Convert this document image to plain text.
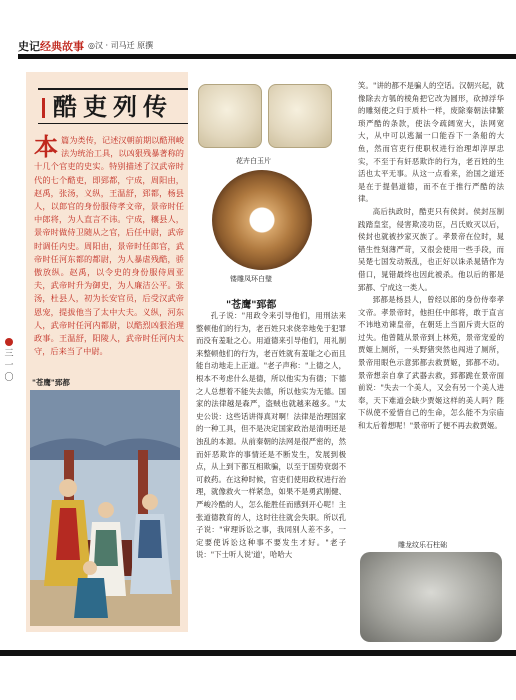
史记经典故事 ◎汉 · 司马迁 原撰
三一〇
酷吏列传
本篇为类传，记述汉朝前期以酷刑峻法为统治工具，以凶狠残暴著称的十几个官吏的史实。特别描述了汉武帝时代的七个酷吏，即郅都，宁成，周阳由，赵禹，张汤，义纵，王温舒，郅都，杨县人，以郎官的身份服侍孝文帝，景帝时任中郎将，为人直言不讳。宁成，穰县人，景帝时做侍卫随从之官，后任中尉，武帝时调任内史。周阳由，景帝时任郎官，武帝时任河东都的都尉，为人暴虐残酷，骄傲放纵。赵禹，以令史的身份服侍周亚夫，武帝时升为御史，为人廉洁公平。张汤，杜县人，初为长安官员，后受汉武帝恩宠，提拔他当了太中大夫。义纵，河东人，武帝时任河内都尉，以酷烈凶狠治理政事。王温舒，阳陵人，武帝时任河内太守，后来当了中尉。
"苍鹰"郅都
花卉白玉片
镂雕凤环白璧
"苍鹰"郅都
孔子说："用政令来引导他们，用刑法来整顿他们的行为，老百姓只求侥幸地免于犯罪而没有羞耻之心。用道德来引导他们，用礼制来整顿他们的行为，老百姓就有羞耻之心而且能自动地走上正道。"老子声称："上德之人，根本不考虑什么是德，所以他实为有德；下德之人总想着不能失去德，所以他实为无德。国家的法律越是森严，盗贼也就越来越多。"太史公说：这些话讲得真对啊！法律是治理国家的一种工具，但不是决定国家政治是清明还是浊乱的本源。从前秦朝的法网是很严密的，然而奸恶欺诈的事情还是不断发生，发展到极点，从上到下都互相欺骗，以至于国势衰弱不可救药。在这种时候，官吏们使用政权进行治理，就像救火一样紧急，如果不是勇武刚健、严峻冷酷的人，怎么能胜任而感到开心呢！主张道德教育的人，这时往往就会失职。所以孔子说："审理诉讼之事，我同别人差不多，一定要使诉讼这种事不要发生才好。"老子说："下士听人说'道'，哈哈大

笑。"讲的都不是骗人的空话。汉朝兴起，就像除去方瓠的棱角把它改为圆形，砍掉浮华的雕刻使之归于质朴一样，废除秦朝法律繁琐严酷的条款，使法令疏阔宽大，法网宽大，从中可以逃漏一口能吞下一条船的大鱼，然而官吏行使职权进行治理却淳厚忠实，不至于有奸恶欺诈的行为，老百姓的生活也太平无事。从这一点看来，治国之道还是在于提倡道德，而不在于推行严酷的法律。

高后执政时，酷吏只有侯封。侯封压制践踏皇室，侵害欺凌功臣，吕氏败灭以后，侯封也就被抄家灭族了。孝景帝在位时，晁错生性刻薄严苛，又很会使用一些手段，而吴楚七国发动叛乱，也正好以诛杀晁错作为借口，晁错最终也因此被杀。他以后的都是郅都、宁成这一类人。

郅都是杨县人，曾经以郎的身份侍奉孝文帝。孝景帝时，他担任中郎将，敢于直言不讳地劝谏皇帝，在朝廷上当面斥责大臣的过失。他曾随从景帝到上林苑，景帝宠爱的贾姬上厕所，一头野猪突然也闯进了厕所，景帝用眼色示意郅都去救贾姬，郅都不动。景帝想亲自拿了武器去救，郅都跪在景帝面前说："失去一个美人，又会有另一个美人进奉，天下难道会缺少贾姬这样的美人吗？陛下纵使不爱惜自己的生命，怎么能不为宗庙和太后着想呢！"景帝听了便不再去救贾姬。

雕龙纹乐石柱础
